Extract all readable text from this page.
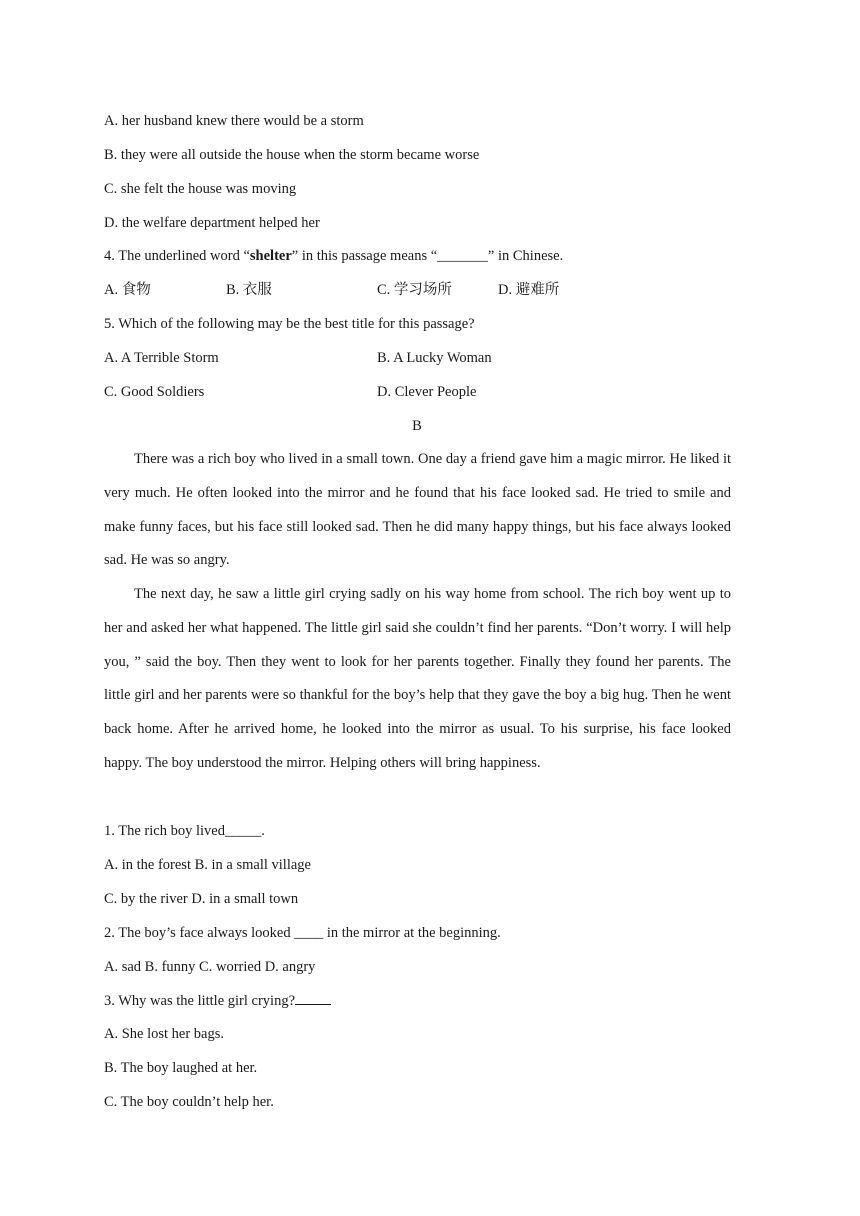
A. her husband knew there would be a storm
B. they were all outside the house when the storm became worse
C. she felt the house was moving
D. the welfare department helped her
4. The underlined word “shelter” in this passage means “_______” in Chinese.
A. 食物	B. 衣服	C. 学习场所	D. 避难所
5. Which of the following may be the best title for this passage?
A. A Terrible Storm	B. A Lucky Woman
C. Good Soldiers	D. Clever People
B
There was a rich boy who lived in a small town. One day a friend gave him a magic mirror. He liked it very much. He often looked into the mirror and he found that his face looked sad. He tried to smile and make funny faces, but his face still looked sad. Then he did many happy things, but his face always looked sad. He was so angry.
The next day, he saw a little girl crying sadly on his way home from school. The rich boy went up to her and asked her what happened. The little girl said she couldn’t find her parents. “Don’t worry. I will help you, ” said the boy. Then they went to look for her parents together. Finally they found her parents. The little girl and her parents were so thankful for the boy’s help that they gave the boy a big hug. Then he went back home. After he arrived home, he looked into the mirror as usual. To his surprise, his face looked happy. The boy understood the mirror. Helping others will bring happiness.
1. The rich boy lived_____.
A. in the forest B. in a small village
C. by the river D. in a small town
2. The boy’s face always looked ____ in the mirror at the beginning.
A. sad B. funny C. worried D. angry
3. Why was the little girl crying?
A. She lost her bags.
B. The boy laughed at her.
C. The boy couldn’t help her.
